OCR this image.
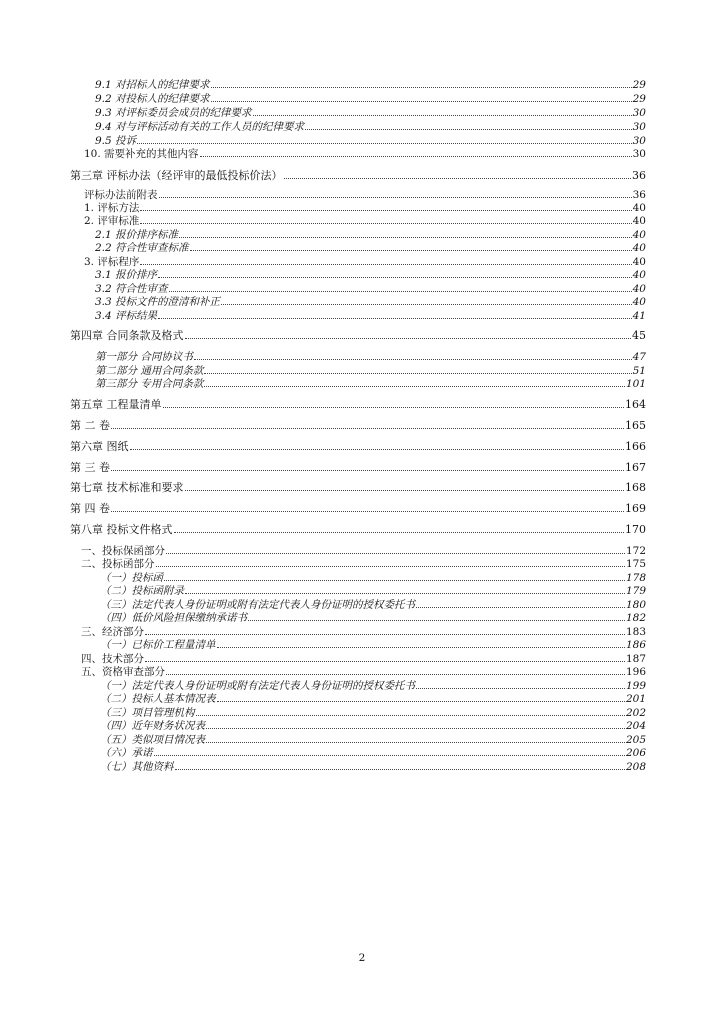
9.1 对招标人的纪律要求	29
9.2 对投标人的纪律要求	29
9.3 对评标委员会成员的纪律要求	30
9.4 对与评标活动有关的工作人员的纪律要求	30
9.5 投诉	30
10. 需要补充的其他内容	30
第三章 评标办法（经评审的最低投标价法）	36
评标办法前附表	36
1. 评标方法	40
2. 评审标准	40
2.1 报价排序标准	40
2.2 符合性审查标准	40
3. 评标程序	40
3.1 报价排序	40
3.2 符合性审查	40
3.3 投标文件的澄清和补正	40
3.4 评标结果	41
第四章 合同条款及格式	45
第一部分 合同协议书	47
第二部分 通用合同条款	51
第三部分 专用合同条款	101
第五章 工程量清单	164
第 二 卷	165
第六章 图纸	166
第 三 卷	167
第七章 技术标准和要求	168
第 四 卷	169
第八章 投标文件格式	170
一、投标保函部分	172
二、投标函部分	175
（一）投标函	178
（二）投标函附录	179
（三）法定代表人身份证明或附有法定代表人身份证明的授权委托书	180
（四）低价风险担保缴纳承诺书	182
三、经济部分	183
（一）已标价工程量清单	186
四、技术部分	187
五、资格审查部分	196
（一）法定代表人身份证明或附有法定代表人身份证明的授权委托书	199
（二）投标人基本情况表	201
（三）项目管理机构	202
（四）近年财务状况表	204
（五）类似项目情况表	205
（六）承诺	206
（七）其他资料	208
2
